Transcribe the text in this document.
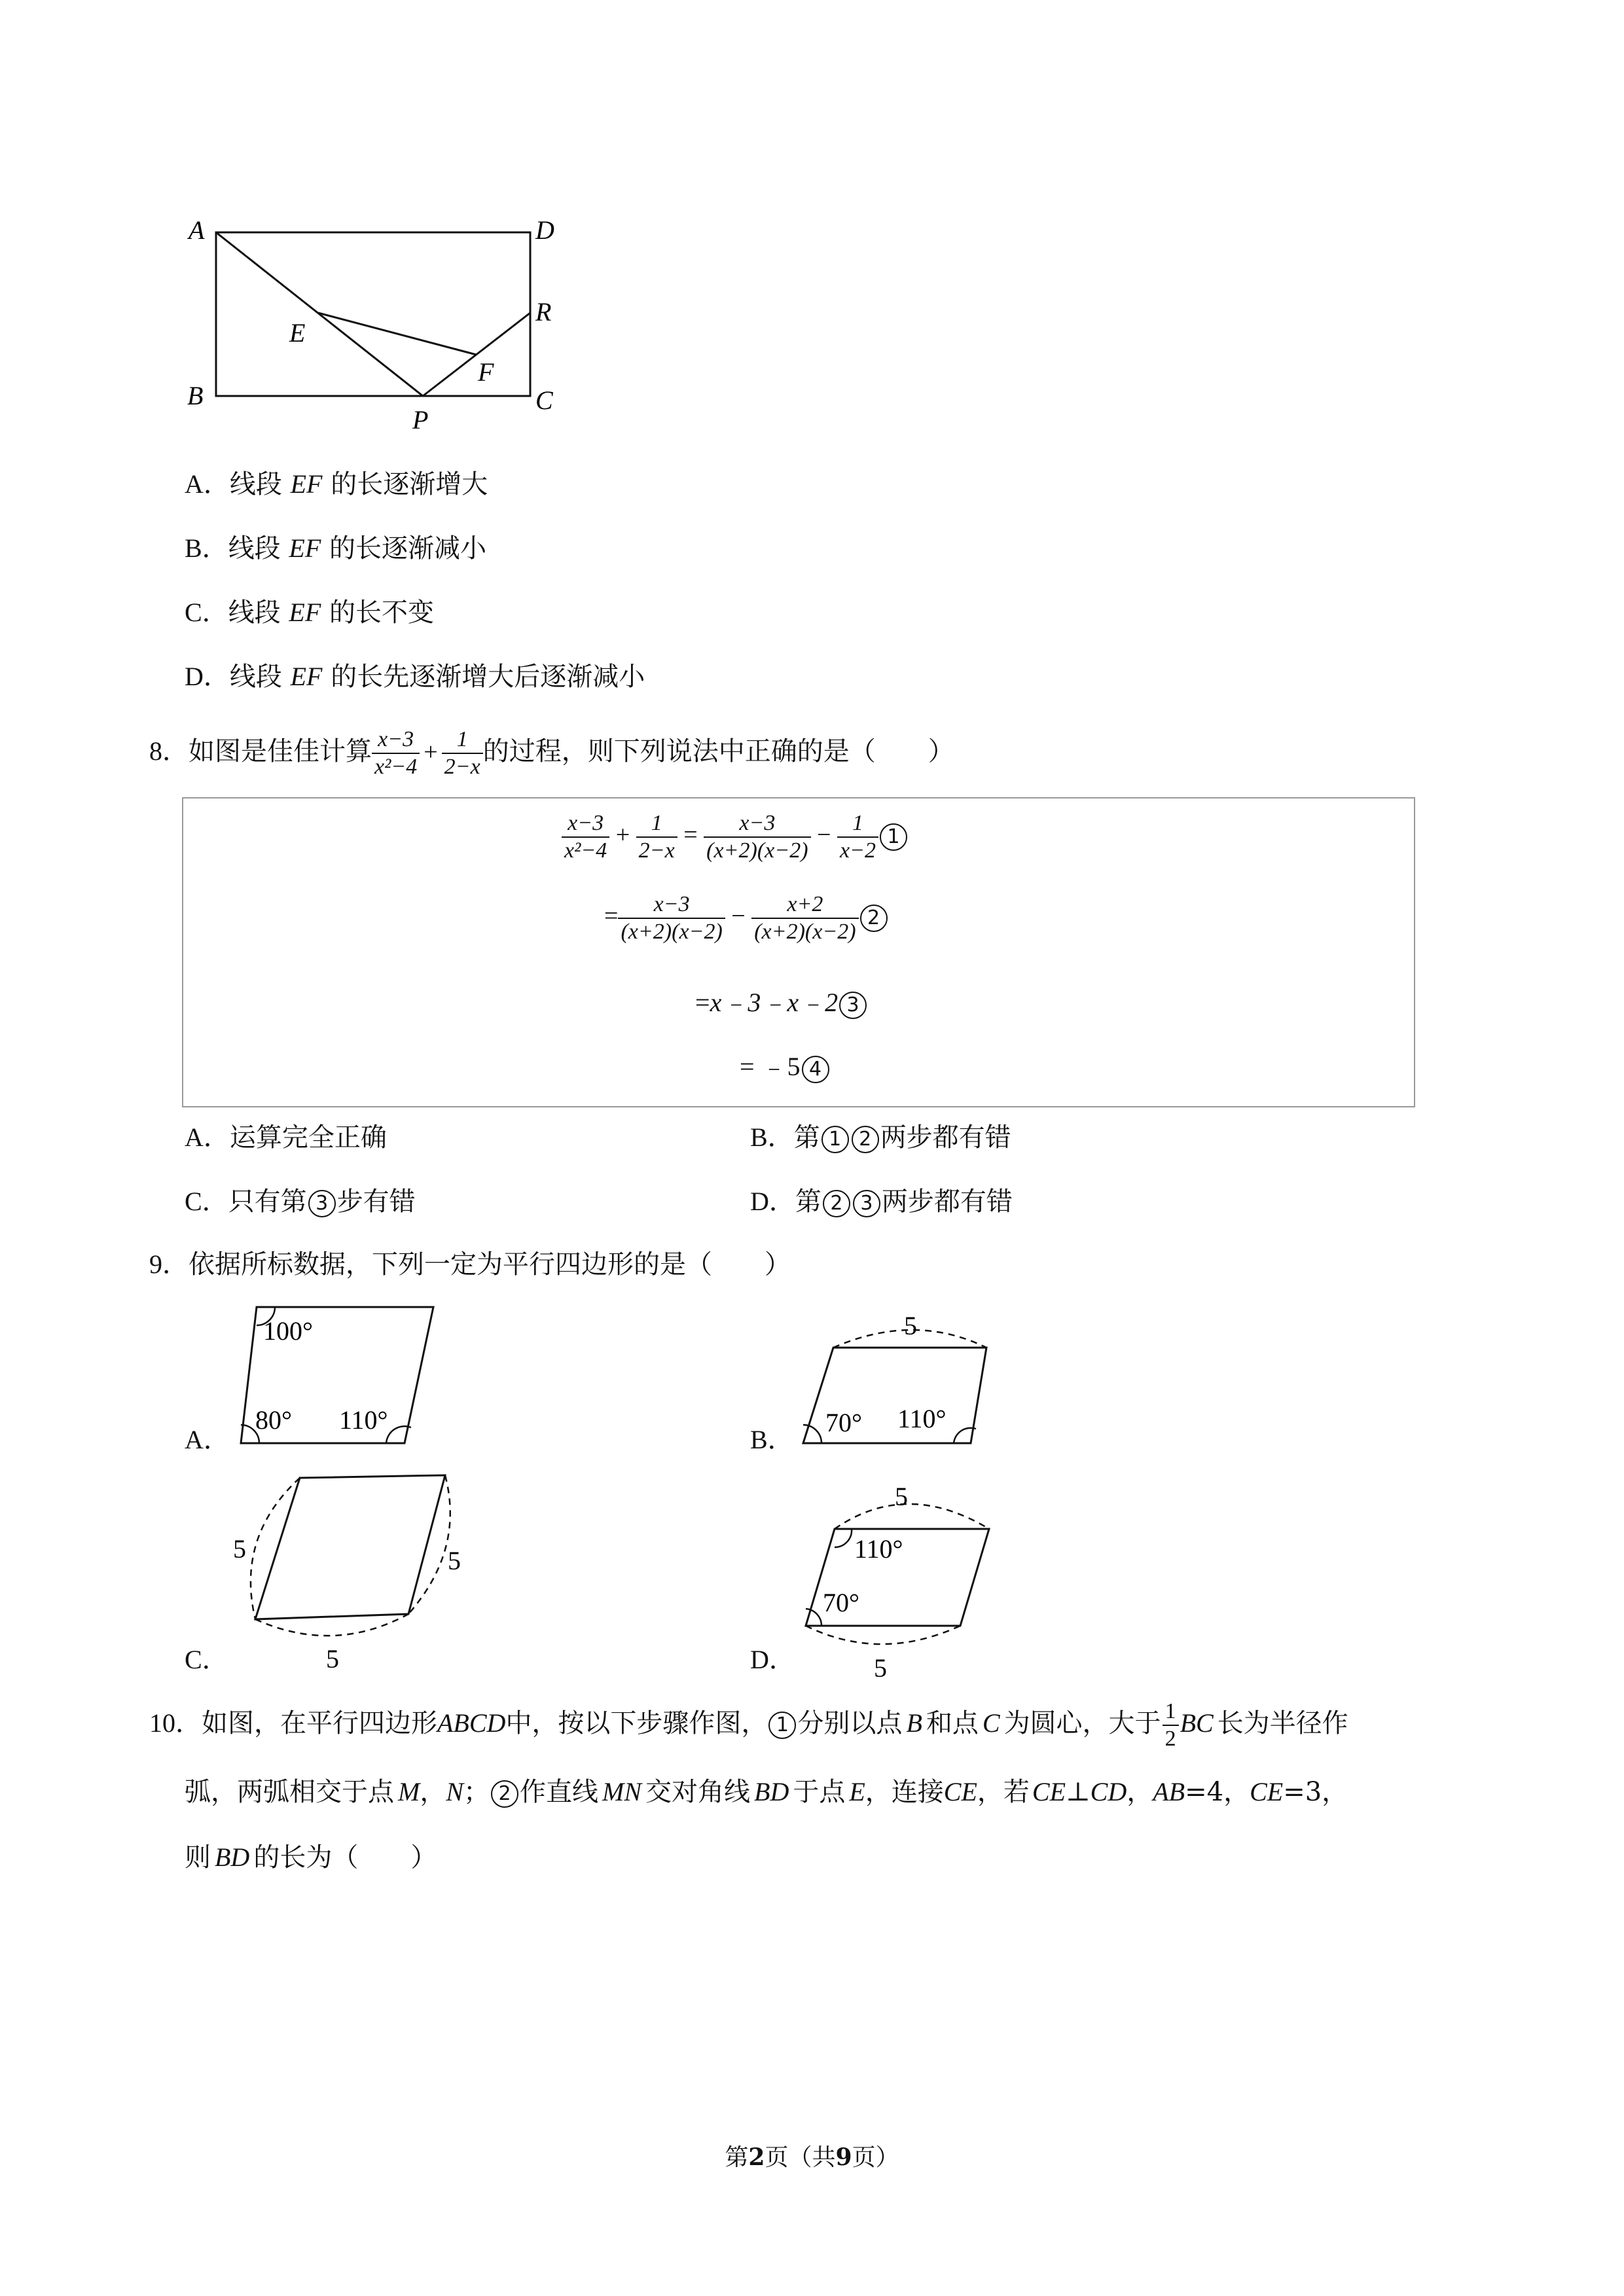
A	D
R
E
F
B	C
P
A．线段 EF 的长逐渐增大
B．线段 EF 的长逐渐减小
C．线段 EF 的长不变
D．线段 EF 的长先逐渐增大后逐渐减小
8．如图是佳佳计算 $\frac{x-3}{\text{x²−4}} + \frac{1}{2-x}$ 的过程，则下列说法中正确的是（　　）
$\frac{x-3}{\text{x²−4}} + \frac{1}{2-x} = \frac{x-3}{(x+2)(x-2)} - \frac{1}{x-2} 1$
= $\frac{x-3}{(x+2)(x-2)} - \frac{x+2}{(x+2)(x-2)} 2$
=x﹣3﹣x﹣2 3
= ﹣5 4
A．运算完全正确	B．第 1 2 两步都有错
C．只有第 3 步有错	D．第 2 3 两步都有错
9．依据所标数据，下列一定为平行四边形的是（　　）
A．
100°
80° 110°
B．
5
70° 110°
C．
5	5
5	D．
5
110°
70°
5
10．如图，在平行四边形ABCD中，按以下步骤作图， 1 分别以点 B 和点 C 为圆心，大于 $\frac{1}{2}$ BC 长为半径作
弧，两弧相交于点 M，N； 2 作直线 MN 交对角线 BD 于点 E，连接CE，若 CE⊥CD，AB=4，CE=3，
则 BD 的长为（　　）
第2页（共9页）
